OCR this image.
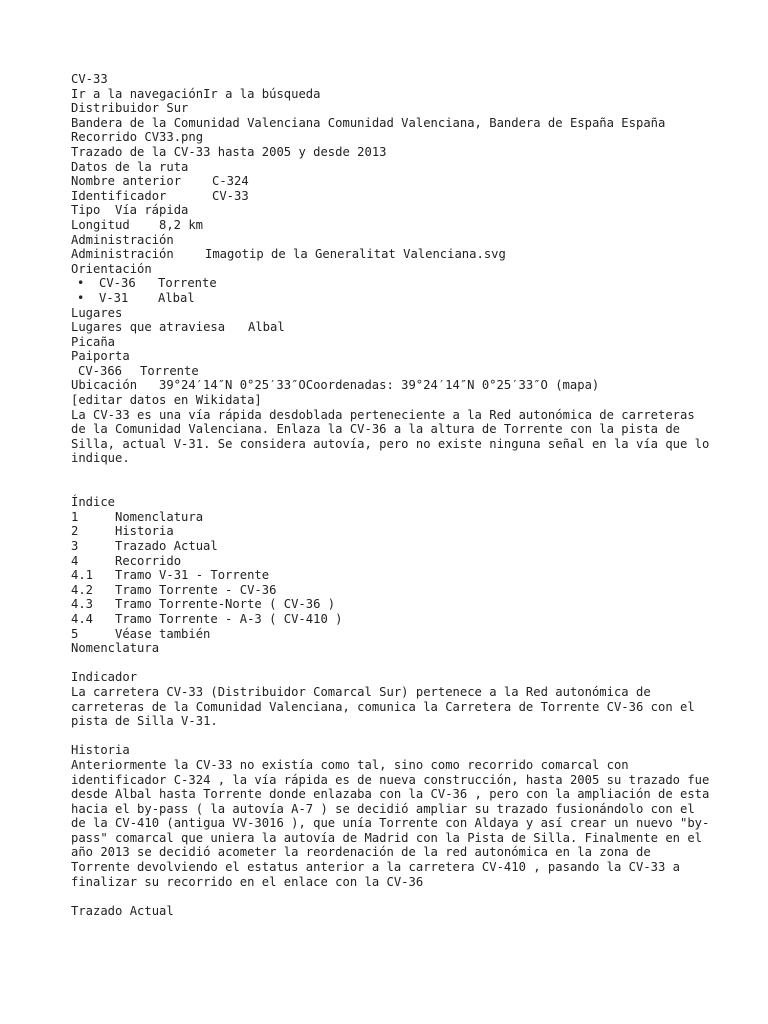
CV-33
Ir a la navegaciónIr a la búsqueda
Distribuidor Sur
Bandera de la Comunidad Valenciana Comunidad Valenciana, Bandera de España España
Recorrido CV33.png
Trazado de la CV-33 hasta 2005 y desde 2013
Datos de la ruta
Nombre anterior	C-324
Identificador	CV-33
Tipo	Vía rápida
Longitud	8,2 km
Administración
Administración	Imagotip de la Generalitat Valenciana.svg
Orientación
•	CV-36	Torrente
•	V-31	Albal
Lugares
Lugares que atraviesa	Albal
Picaña
Paiporta
CV-366	Torrente
Ubicación	39°24′14″N 0°25′33″OCoordenadas: 39°24′14″N 0°25′33″O (mapa)
[editar datos en Wikidata]
La CV-33 es una vía rápida desdoblada perteneciente a la Red autonómica de carreteras de la Comunidad Valenciana. Enlaza la CV-36 a la altura de Torrente con la pista de Silla, actual V-31. Se considera autovía, pero no existe ninguna señal en la vía que lo indique.
Índice
1	Nomenclatura
2	Historia
3	Trazado Actual
4	Recorrido
4.1	Tramo V-31 - Torrente
4.2	Tramo Torrente - CV-36
4.3	Tramo Torrente-Norte ( CV-36 )
4.4	Tramo Torrente - A-3 ( CV-410 )
5	Véase también
Nomenclatura
Indicador
La carretera CV-33 (Distribuidor Comarcal Sur) pertenece a la Red autonómica de carreteras de la Comunidad Valenciana, comunica la Carretera de Torrente CV-36 con el pista de Silla V-31.
Historia
Anteriormente la CV-33 no existía como tal, sino como recorrido comarcal con identificador C-324 , la vía rápida es de nueva construcción, hasta 2005 su trazado fue desde Albal hasta Torrente donde enlazaba con la CV-36 , pero con la ampliación de esta hacia el by-pass ( la autovía A-7 ) se decidió ampliar su trazado fusionándolo con el de la CV-410 (antigua VV-3016 ), que unía Torrente con Aldaya y así crear un nuevo "by-pass" comarcal que uniera la autovía de Madrid con la Pista de Silla. Finalmente en el año 2013 se decidió acometer la reordenación de la red autonómica en la zona de Torrente devolviendo el estatus anterior a la carretera CV-410 , pasando la CV-33 a finalizar su recorrido en el enlace con la CV-36
Trazado Actual
